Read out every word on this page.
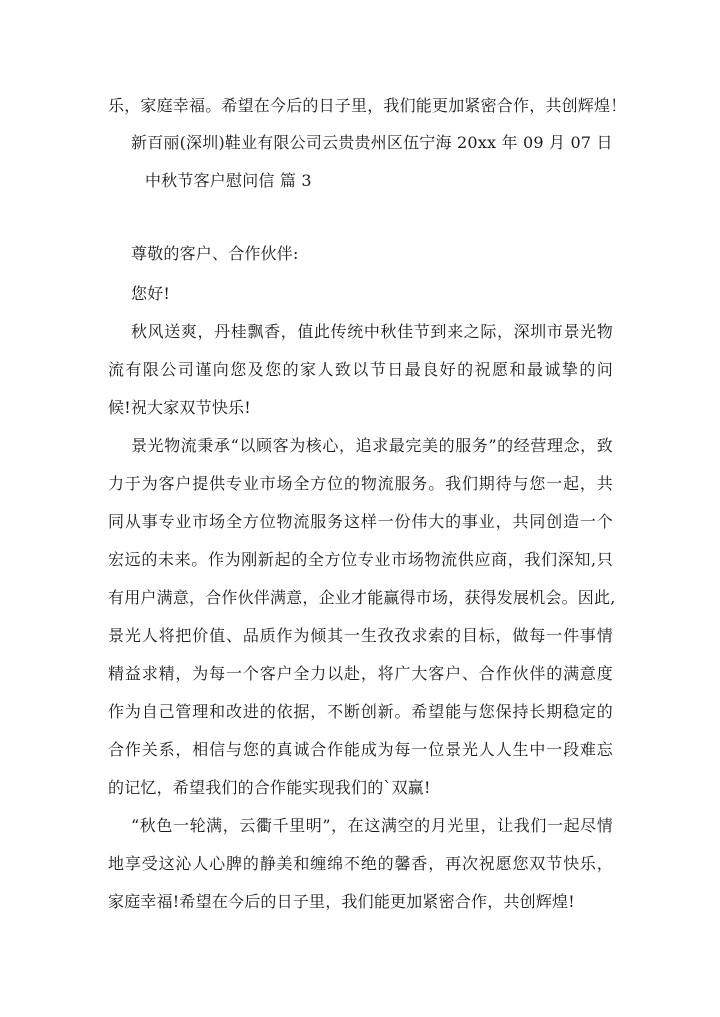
乐，家庭幸福。希望在今后的日子里，我们能更加紧密合作，共创辉煌！
新百丽(深圳)鞋业有限公司云贵贵州区伍宁海 20xx 年 09 月 07 日
中秋节客户慰问信 篇 3
尊敬的客户、合作伙伴:
您好!
秋风送爽，丹桂飘香，值此传统中秋佳节到来之际，深圳市景光物
流有限公司谨向您及您的家人致以节日最良好的祝愿和最诚挚的问
候!祝大家双节快乐!
景光物流秉承“以顾客为核心，追求最完美的服务”的经营理念，致
力于为客户提供专业市场全方位的物流服务。我们期待与您一起，共
同从事专业市场全方位物流服务这样一份伟大的事业，共同创造一个
宏远的未来。作为刚新起的全方位专业市场物流供应商，我们深知,只
有用户满意，合作伙伴满意，企业才能赢得市场，获得发展机会。因此,
景光人将把价值、品质作为倾其一生孜孜求索的目标，做每一件事情
精益求精，为每一个客户全力以赴，将广大客户、合作伙伴的满意度
作为自己管理和改进的依据，不断创新。希望能与您保持长期稳定的
合作关系，相信与您的真诚合作能成为每一位景光人人生中一段难忘
的记忆，希望我们的合作能实现我们的`双赢!
“秋色一轮满，云衢千里明”，在这满空的月光里，让我们一起尽情
地享受这沁人心脾的静美和缠绵不绝的馨香，再次祝愿您双节快乐，
家庭幸福!希望在今后的日子里，我们能更加紧密合作，共创辉煌!
